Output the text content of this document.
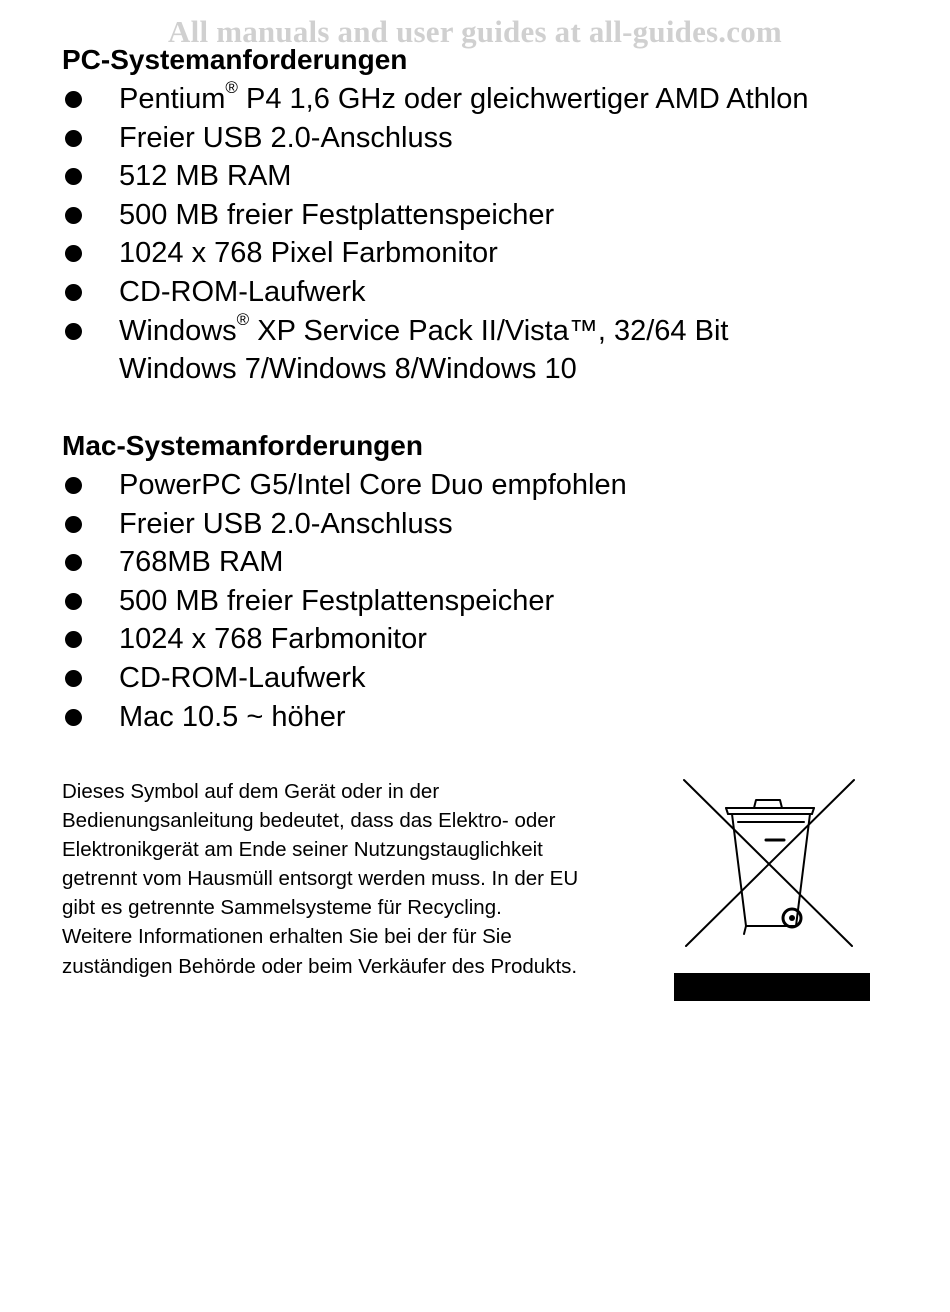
All manuals and user guides at all-guides.com
PC-Systemanforderungen
Pentium® P4 1,6 GHz oder gleichwertiger AMD Athlon
Freier USB 2.0-Anschluss
512 MB RAM
500 MB freier Festplattenspeicher
1024 x 768 Pixel Farbmonitor
CD-ROM-Laufwerk
Windows® XP Service Pack II/Vista™, 32/64 Bit
Windows 7/Windows 8/Windows 10
Mac-Systemanforderungen
PowerPC G5/Intel Core Duo empfohlen
Freier USB 2.0-Anschluss
768MB RAM
500 MB freier Festplattenspeicher
1024 x 768 Farbmonitor
CD-ROM-Laufwerk
Mac 10.5 ~ höher
Dieses Symbol auf dem Gerät oder in der
Bedienungsanleitung bedeutet, dass das Elektro- oder
Elektronikgerät am Ende seiner Nutzungstauglichkeit
getrennt vom Hausmüll entsorgt werden muss. In der EU
gibt es getrennte Sammelsysteme für Recycling.
Weitere Informationen erhalten Sie bei der für Sie
zuständigen Behörde oder beim Verkäufer des Produkts.
